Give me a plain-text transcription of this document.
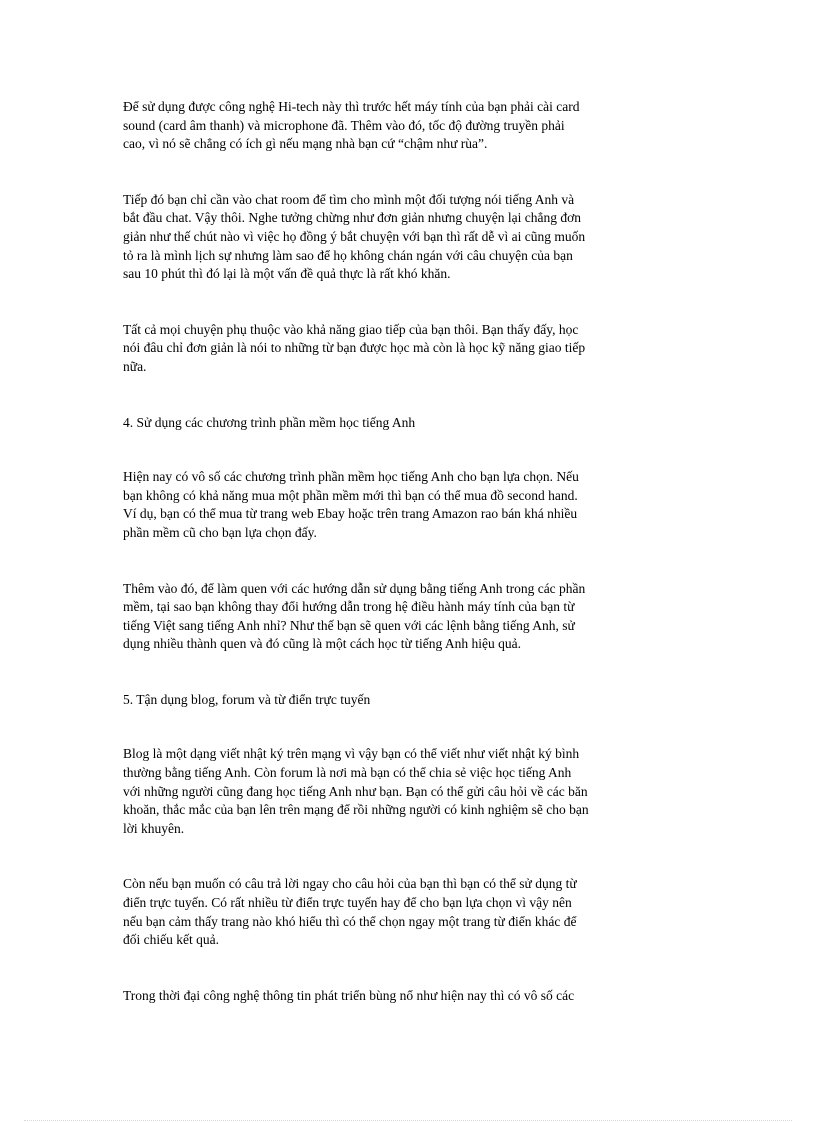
Để sử dụng được công nghệ Hi-tech này thì trước hết máy tính của bạn phải cài card
sound (card âm thanh) và microphone đã. Thêm vào đó, tốc độ đường truyền phải
cao, vì nó sẽ chẳng có ích gì nếu mạng nhà bạn cứ “chậm như rùa”.

Tiếp đó bạn chỉ cần vào chat room để tìm cho mình một đối tượng nói tiếng Anh và
bắt đầu chat. Vậy thôi. Nghe tưởng chừng như đơn giản nhưng chuyện lại chẳng đơn
giản như thế chút nào vì việc họ đồng ý bắt chuyện với bạn thì rất dễ vì ai cũng muốn
tỏ ra là mình lịch sự nhưng làm sao để họ không chán ngán với câu chuyện của bạn
sau 10 phút thì đó lại là một vấn đề quả thực là rất khó khăn.

Tất cả mọi chuyện phụ thuộc vào khả năng giao tiếp của bạn thôi. Bạn thấy đấy, học
nói đâu chỉ đơn giản là nói to những từ bạn được học mà còn là học kỹ năng giao tiếp
nữa.

4. Sử dụng các chương trình phần mềm học tiếng Anh

Hiện nay có vô số các chương trình phần mềm học tiếng Anh cho bạn lựa chọn. Nếu
bạn không có khả năng mua một phần mềm mới thì bạn có thể mua đồ second hand.
Ví dụ, bạn có thể mua từ trang web Ebay hoặc trên trang Amazon rao bán khá nhiều
phần mềm cũ cho bạn lựa chọn đấy.

Thêm vào đó, để làm quen với các hướng dẫn sử dụng bằng tiếng Anh trong các phần
mềm, tại sao bạn không thay đổi hướng dẫn trong hệ điều hành máy tính của bạn từ
tiếng Việt sang tiếng Anh nhỉ? Như thế bạn sẽ quen với các lệnh bằng tiếng Anh, sử
dụng nhiều thành quen và đó cũng là một cách học từ tiếng Anh hiệu quả.

5. Tận dụng blog, forum và từ điển trực tuyến

Blog là một dạng viết nhật ký trên mạng vì vậy bạn có thể viết như viết nhật ký bình
thường bằng tiếng Anh. Còn forum là nơi mà bạn có thể chia sẻ việc học tiếng Anh
với những người cũng đang học tiếng Anh như bạn. Bạn có thể gửi câu hỏi về các băn
khoăn, thắc mắc của bạn lên trên mạng để rồi những người có kinh nghiệm sẽ cho bạn
lời khuyên.

Còn nếu bạn muốn có câu trả lời ngay cho câu hỏi của bạn thì bạn có thể sử dụng từ
điển trực tuyến. Có rất nhiều từ điển trực tuyến hay để cho bạn lựa chọn vì vậy nên
nếu bạn cảm thấy trang nào khó hiểu thì có thể chọn ngay một trang từ điển khác để
đối chiếu kết quả.

Trong thời đại công nghệ thông tin phát triển bùng nổ như hiện nay thì có vô số các
